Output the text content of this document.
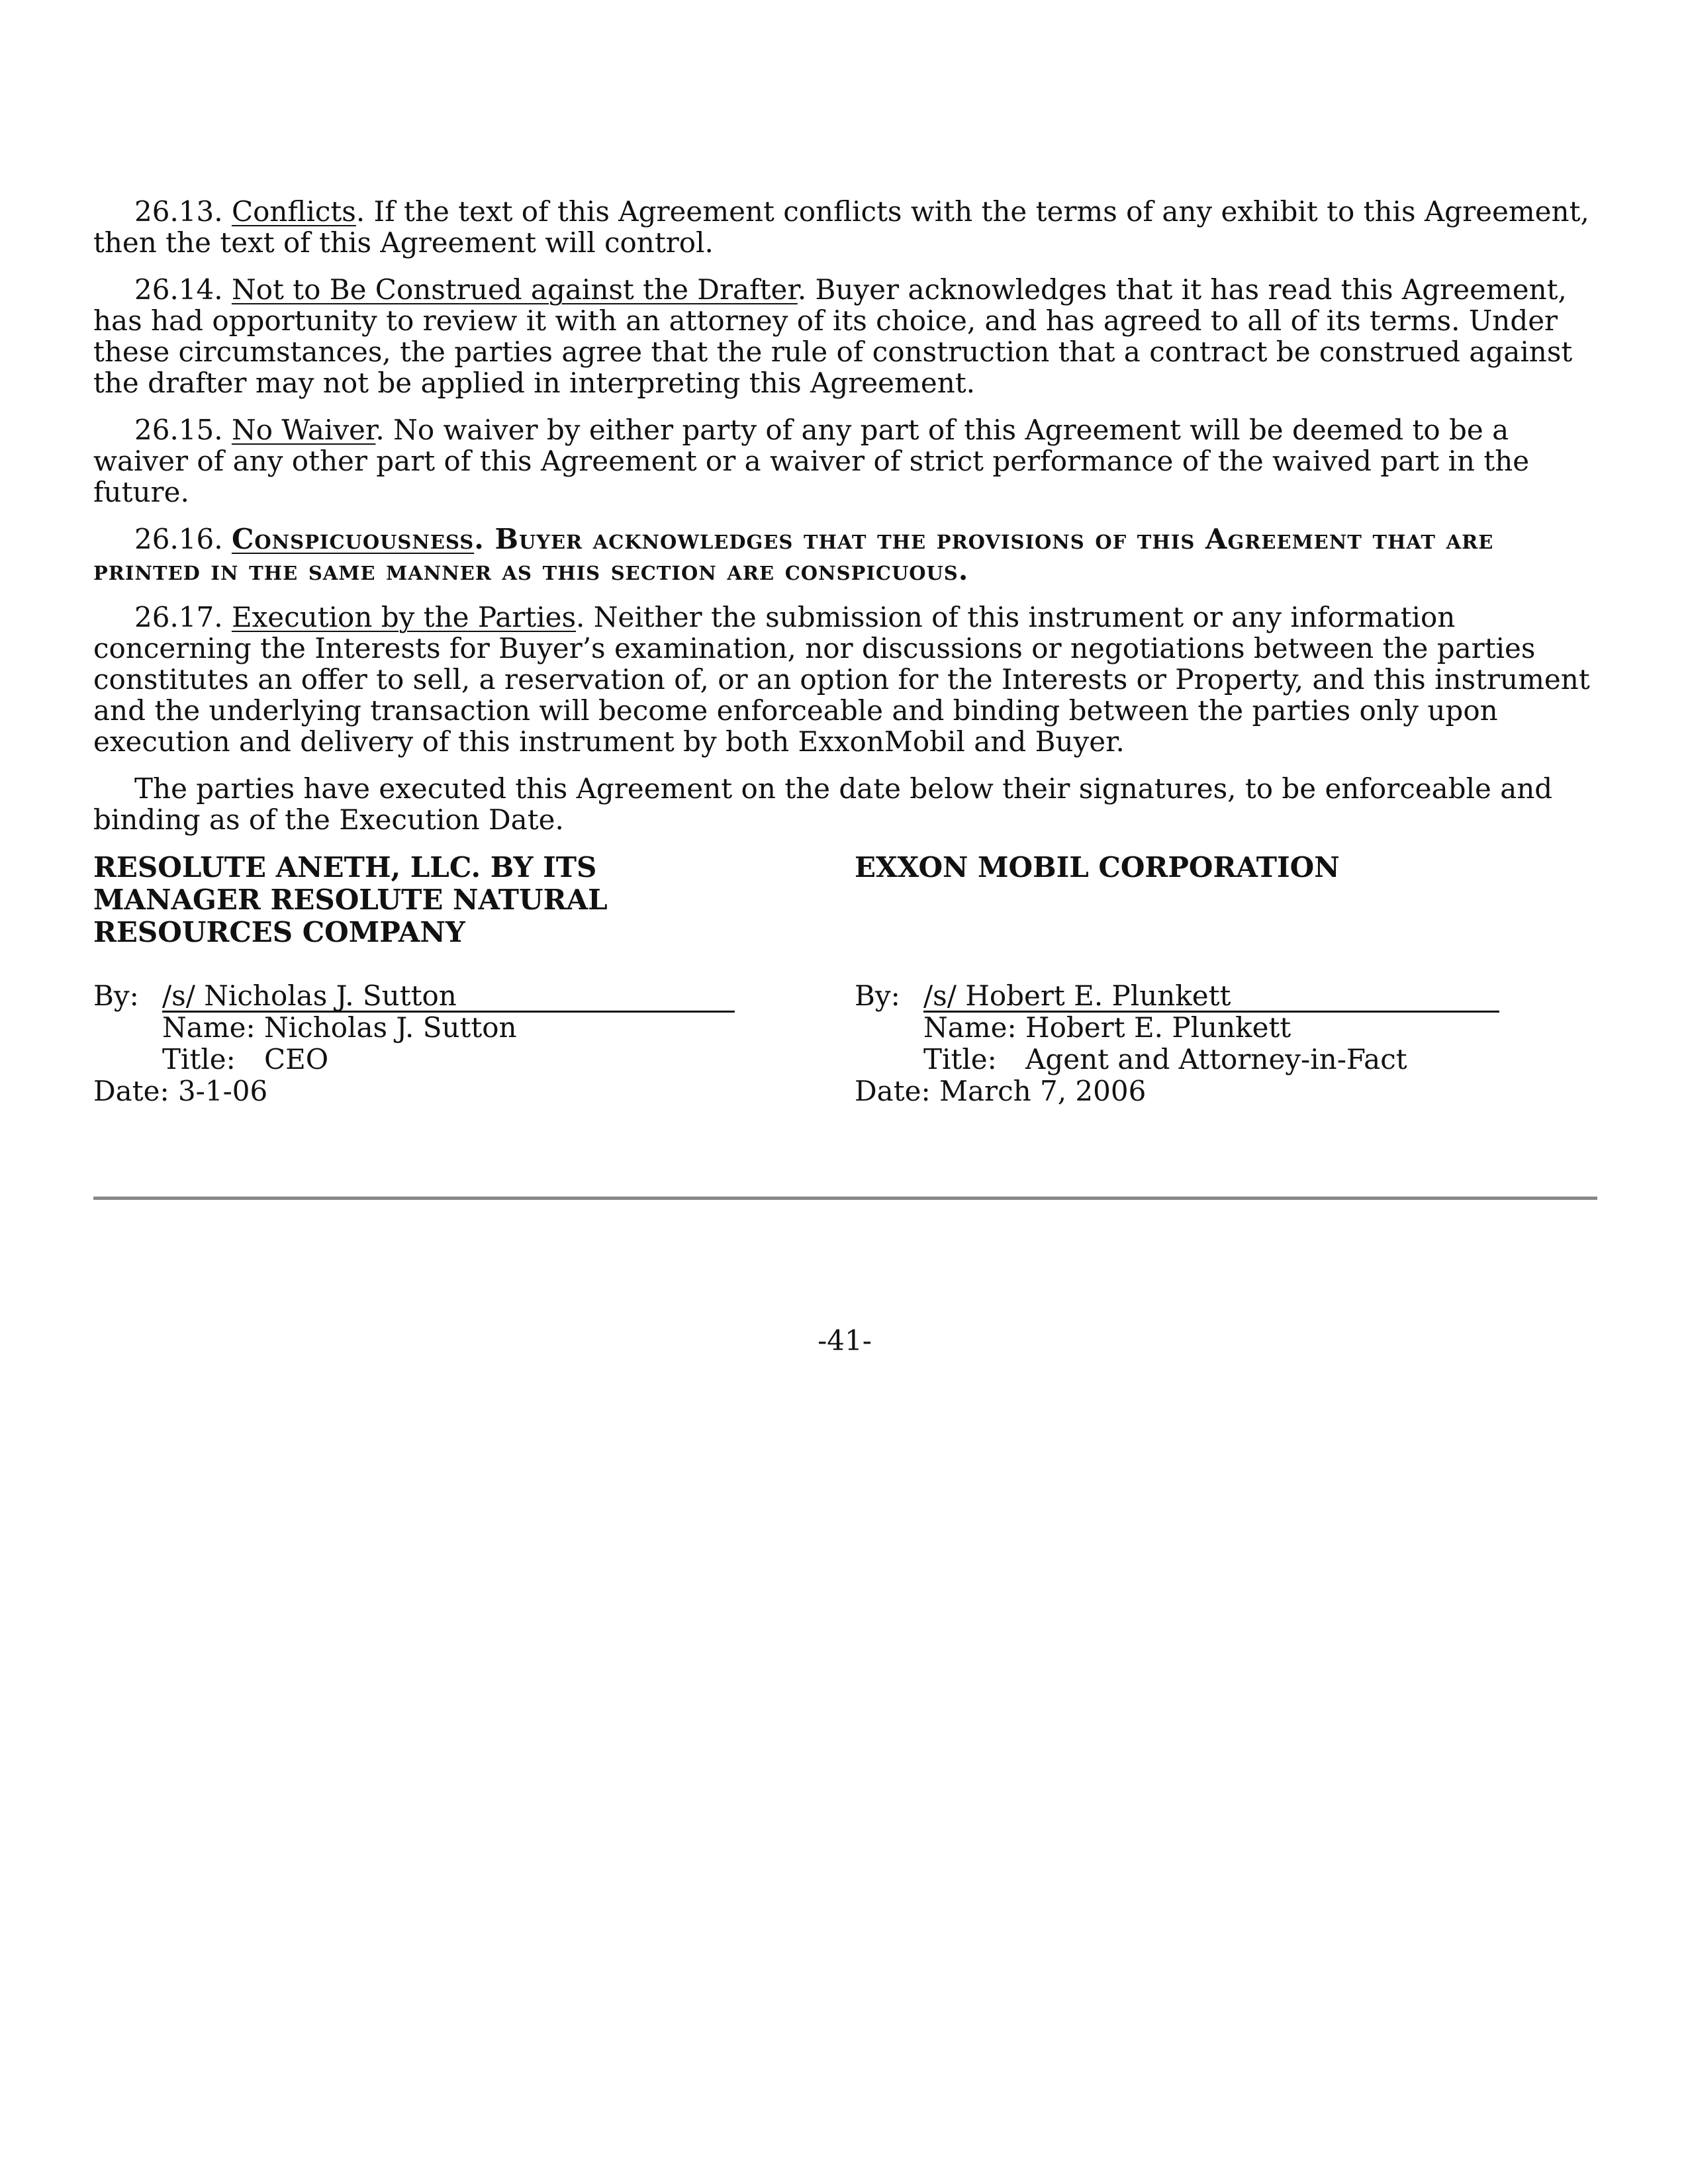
26.13. Conflicts. If the text of this Agreement conflicts with the terms of any exhibit to this Agreement, then the text of this Agreement will control.

26.14. Not to Be Construed against the Drafter. Buyer acknowledges that it has read this Agreement, has had opportunity to review it with an attorney of its choice, and has agreed to all of its terms. Under these circumstances, the parties agree that the rule of construction that a contract be construed against the drafter may not be applied in interpreting this Agreement.

26.15. No Waiver. No waiver by either party of any part of this Agreement will be deemed to be a waiver of any other part of this Agreement or a waiver of strict performance of the waived part in the future.

26.16. Conspicuousness. Buyer acknowledges that the provisions of this Agreement that are printed in the same manner as this section are conspicuous.

26.17. Execution by the Parties. Neither the submission of this instrument or any information concerning the Interests for Buyer’s examination, nor discussions or negotiations between the parties constitutes an offer to sell, a reservation of, or an option for the Interests or Property, and this instrument and the underlying transaction will become enforceable and binding between the parties only upon execution and delivery of this instrument by both ExxonMobil and Buyer.

The parties have executed this Agreement on the date below their signatures, to be enforceable and binding as of the Execution Date.

RESOLUTE ANETH, LLC. BY ITS MANAGER RESOLUTE NATURAL RESOURCES COMPANY
By: /s/ Nicholas J. Sutton
Name: Nicholas J. Sutton
Title: CEO
Date: 3-1-06
EXXON MOBIL CORPORATION
By: /s/ Hobert E. Plunkett
Name: Hobert E. Plunkett
Title: Agent and Attorney-in-Fact
Date: March 7, 2006
-41-
